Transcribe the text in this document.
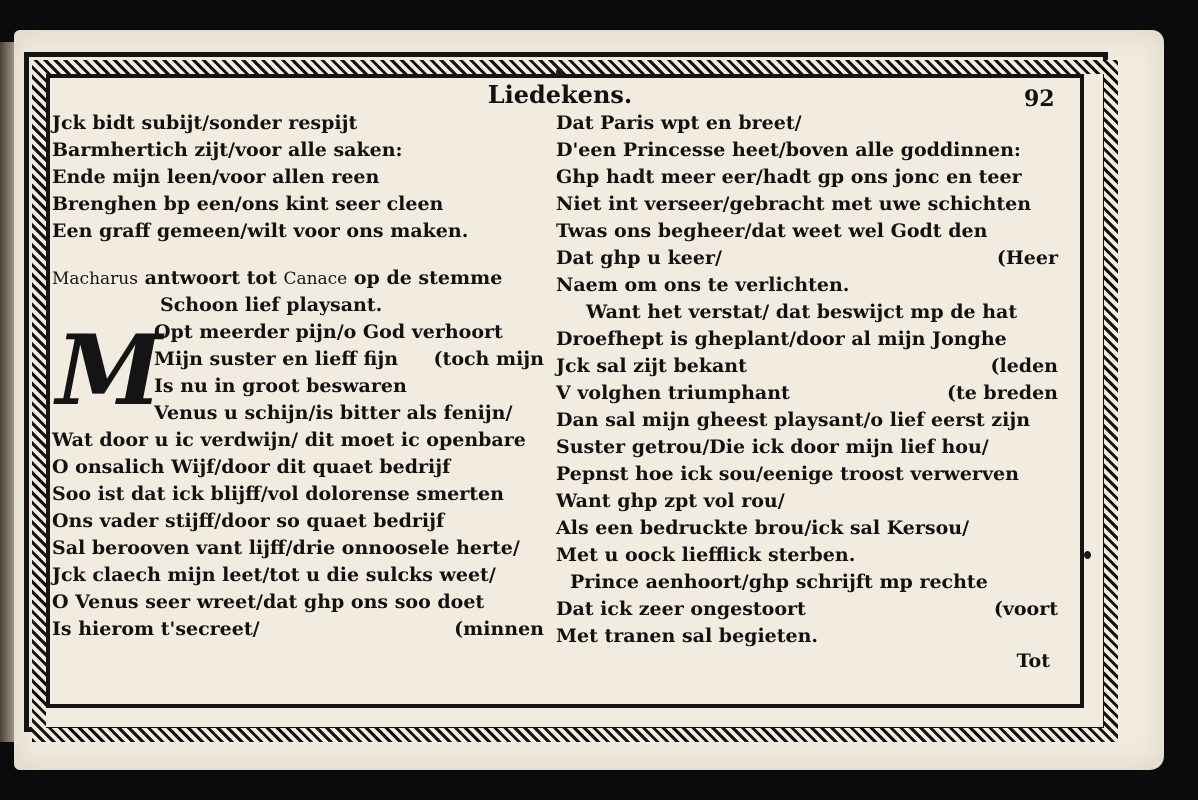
Liedekens.	92
Jck bidt subijt/sonder respijt
Barmhertich zijt/voor alle saken:
Ende mijn leen/voor allen reen
Brenghen bp een/ons kint seer cleen
Een graff gemeen/wilt voor ons maken.
Macharus antwoort tot Canace op de stemme
Schoon lief playsant.
M
Opt meerder pijn/o God verhoort
Mijn suster en lieff fijn (toch mijn
Is nu in groot beswaren
Venus u schijn/is bitter als fenijn/
Wat door u ic verdwijn/ dit moet ic openbare
O onsalich Wijf/door dit quaet bedrijf
Soo ist dat ick blijff/vol dolorense smerten
Ons vader stijff/door so quaet bedrijf
Sal berooven vant lijff/drie onnoosele herte/
Jck claech mijn leet/tot u die sulcks weet/
O Venus seer wreet/dat ghp ons soo doet
Is hierom t'secreet/	(minnen
Dat Paris wpt en breet/
D'een Princesse heet/boven alle goddinnen:
Ghp hadt meer eer/hadt gp ons jonc en teer
Niet int verseer/gebracht met uwe schichten
Twas ons begheer/dat weet wel Godt den
Dat ghp u keer/	(Heer
Naem om ons te verlichten.
Want het verstat/ dat beswijct mp de hat
Droefhept is gheplant/door al mijn Jonghe
Jck sal zijt bekant	(leden
V volghen triumphant	(te breden
Dan sal mijn gheest playsant/o lief eerst zijn
Suster getrou/Die ick door mijn lief hou/
Pepnst hoe ick sou/eenige troost verwerven
Want ghp zpt vol rou/
Als een bedruckte brou/ick sal Kersou/
Met u oock liefflick sterben.
Prince aenhoort/ghp schrijft mp rechte
Dat ick zeer ongestoort	(voort
Met tranen sal begieten.
Tot
